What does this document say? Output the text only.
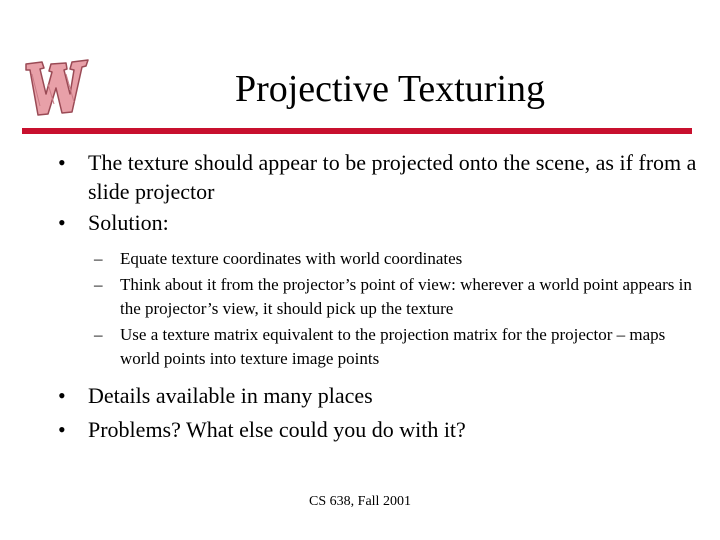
Projective Texturing
•	The texture should appear to be projected onto the scene, as if from a slide projector
•	Solution:
–	Equate texture coordinates with world coordinates
–	Think about it from the projector’s point of view: wherever a world point appears in the projector’s view, it should pick up the texture
–	Use a texture matrix equivalent to the projection matrix for the projector – maps world points into texture image points
•	Details available in many places
•	Problems? What else could you do with it?
CS 638, Fall 2001
